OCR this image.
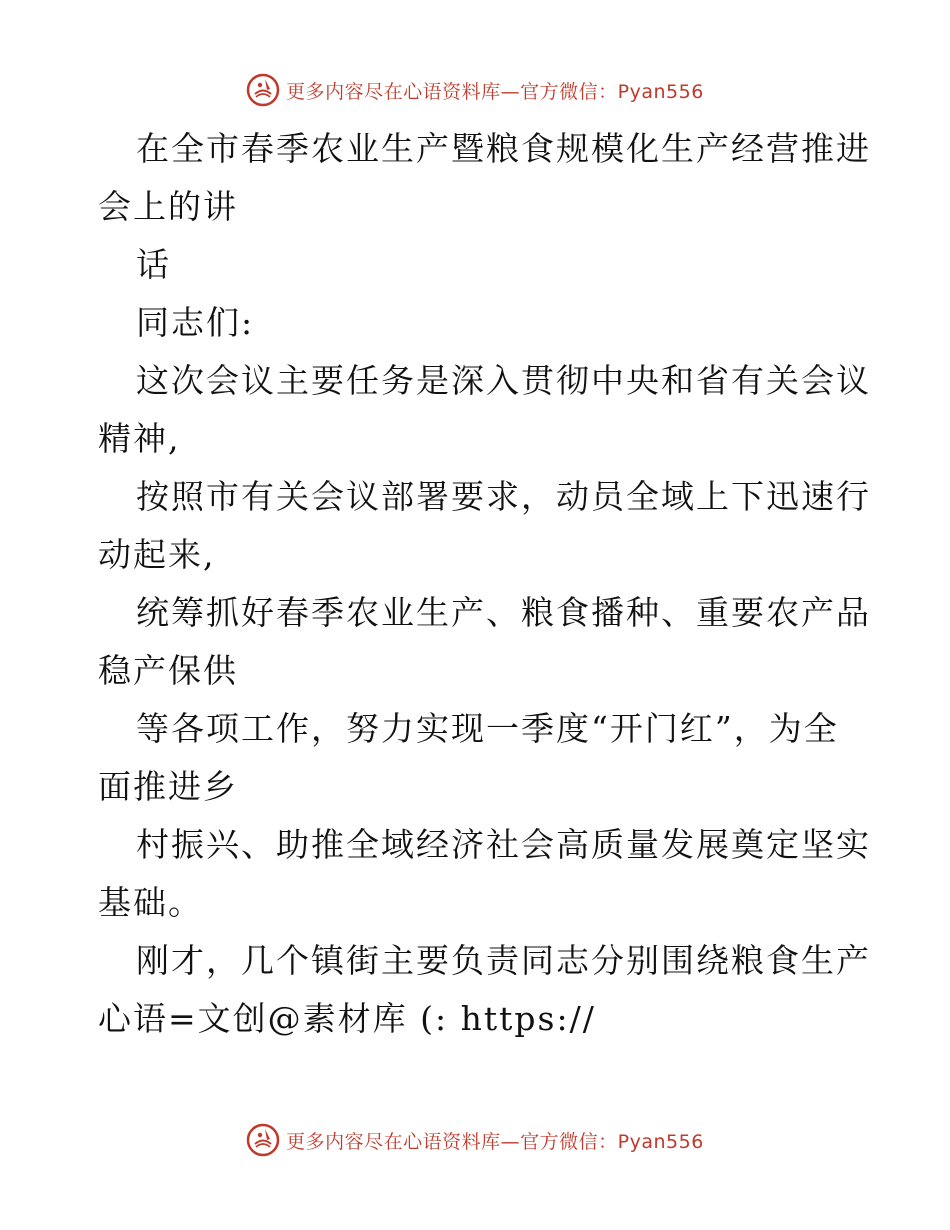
更多内容尽在心语资料库—官方微信：Pyan556
在全市春季农业生产暨粮食规模化生产经营推进
会上的讲
话
同志们:
这次会议主要任务是深入贯彻中央和省有关会议
精神,
按照市有关会议部署要求，动员全域上下迅速行
动起来,
统筹抓好春季农业生产、粮食播种、重要农产品
稳产保供
等各项工作，努力实现一季度“开门红”，为全
面推进乡
村振兴、助推全域经济社会高质量发展奠定坚实
基础。
刚才，几个镇街主要负责同志分别围绕粮食生产
心语=文创@素材库 (: https://
更多内容尽在心语资料库—官方微信：Pyan556
